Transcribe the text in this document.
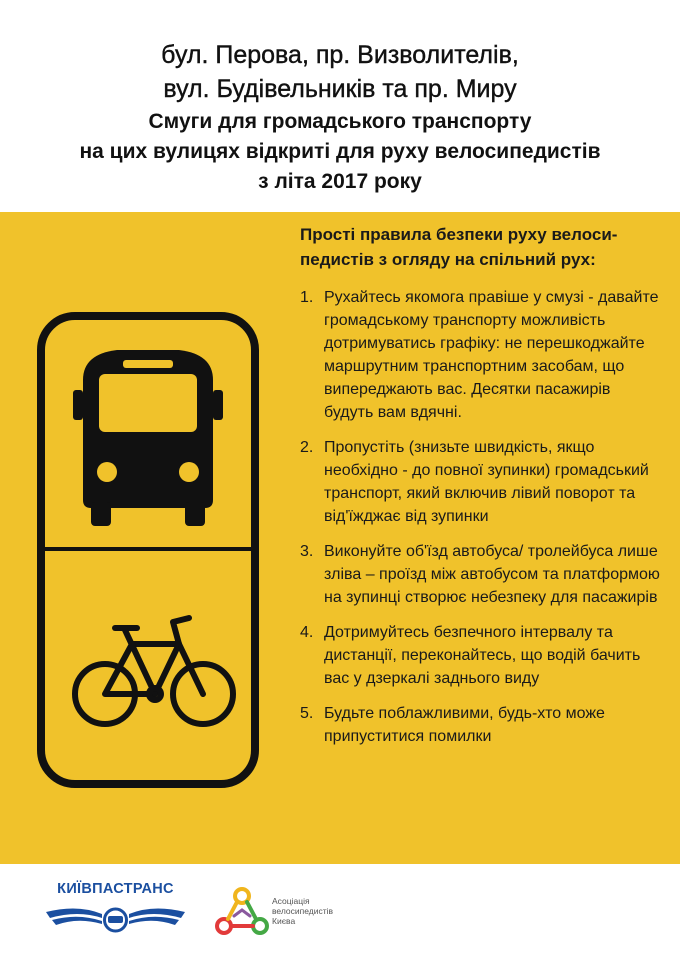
бул. Перова, пр. Визволителів,

вул. Будівельників та пр. Миру

Смуги для громадського транспорту

на цих вулицях відкриті для руху велосипедистів

з літа 2017 року

Прості правила безпеки руху велоси-
педистів з огляду на спільний рух:

1. Рухайтесь якомога правіше у смузі - давайте громадському транспорту можливість дотримуватись графіку: не перешкоджайте маршрутним транспортним засобам, що випереджають вас. Десятки пасажирів будуть вам вдячні.
2. Пропустіть (знизьте швидкість, якщо необхідно - до повної зупинки) громадський транспорт, який включив лівий поворот та від'їжджає від зупинки
3. Виконуйте об'їзд автобуса/ тролейбуса лише зліва – проїзд між автобусом та платформою на зупинці створює небезпеку для пасажирів
4. Дотримуйтесь безпечного інтервалу та дистанції, переконайтесь, що водій бачить вас у дзеркалі заднього виду
5. Будьте поблажливими, будь-хто може припуститися помилки
КИЇВПАСТРАНС
Асоціація
велосипедистів
Києва
